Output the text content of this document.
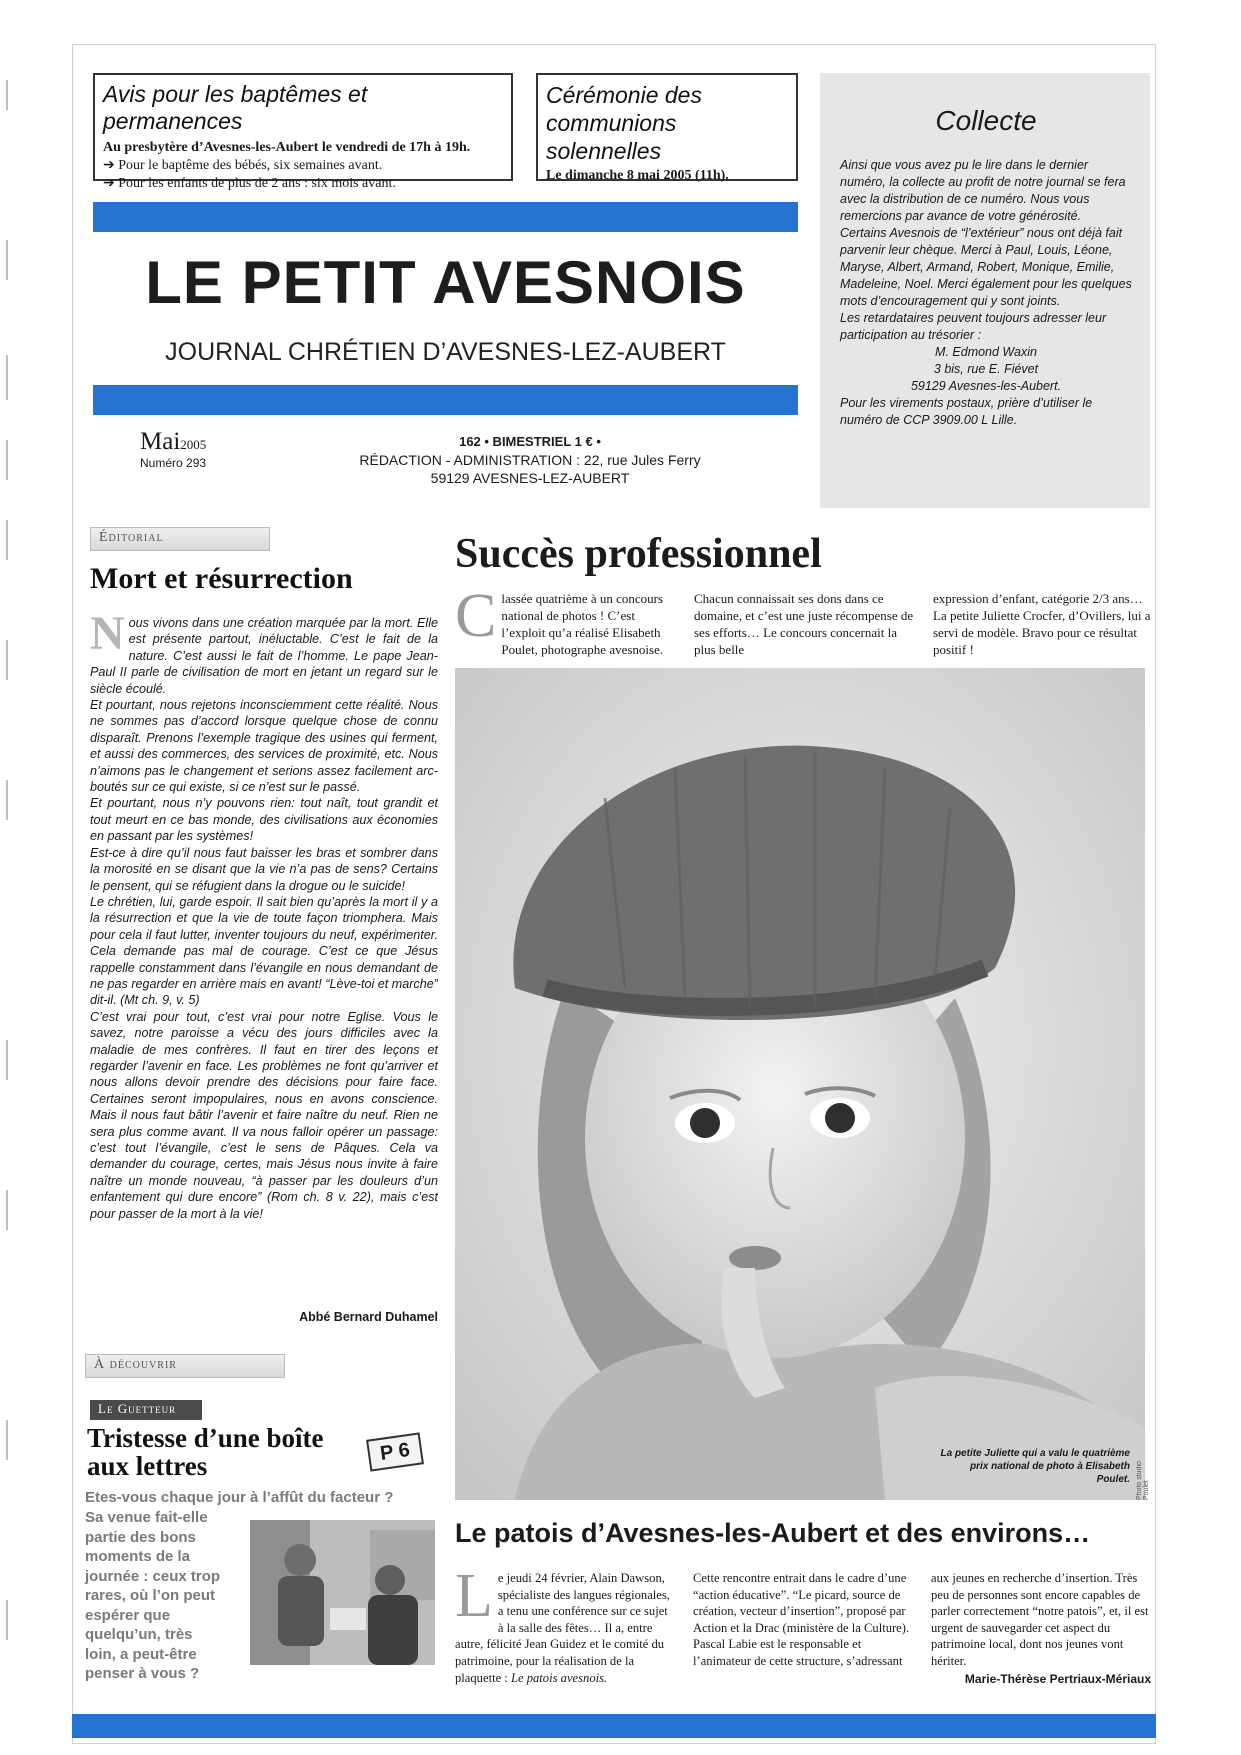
Avis pour les baptêmes et permanences
Au presbytère d’Avesnes-les-Aubert le vendredi de 17h à 19h.
➔ Pour le baptême des bébés, six semaines avant.
➔ Pour les enfants de plus de 2 ans : six mois avant.
Cérémonie des
communions solennelles
Le dimanche 8 mai 2005 (11h).
LE PETIT AVESNOIS
JOURNAL CHRÉTIEN D’AVESNES-LEZ-AUBERT
Mai2005
Numéro 293
162 • BIMESTRIEL 1 € •
RÉDACTION - ADMINISTRATION : 22, rue Jules Ferry
59129 AVESNES-LEZ-AUBERT
Collecte
Ainsi que vous avez pu le lire dans le dernier numéro, la collecte au profit de notre journal se fera avec la distribution de ce numéro. Nous vous remercions par avance de votre générosité.
Certains Avesnois de “l’extérieur” nous ont déjà fait parvenir leur chèque. Merci à Paul, Louis, Léone, Maryse, Albert, Armand, Robert, Monique, Emilie, Madeleine, Noel. Merci également pour les quelques mots d’encouragement qui y sont joints.
Les retardataires peuvent toujours adresser leur participation au trésorier :
M. Edmond Waxin
3 bis, rue E. Fiévet
59129 Avesnes-les-Aubert.
Pour les virements postaux, prière d’utiliser le numéro de CCP 3909.00 L Lille.
Éditorial
Mort et résurrection
N ous vivons dans une création marquée par la mort. Elle est présente partout, inéluctable. C’est le fait de la nature. C’est aussi le fait de l’homme. Le pape Jean-Paul II parle de civilisation de mort en jetant un regard sur le siècle écoulé.

Et pourtant, nous rejetons inconsciemment cette réalité. Nous ne sommes pas d’accord lorsque quelque chose de connu disparaît. Prenons l’exemple tragique des usines qui ferment, et aussi des commerces, des services de proximité, etc. Nous n’aimons pas le changement et serions assez facilement arc-boutés sur ce qui existe, si ce n’est sur le passé.

Et pourtant, nous n’y pouvons rien: tout naît, tout grandit et tout meurt en ce bas monde, des civilisations aux économies en passant par les systèmes!

Est-ce à dire qu’il nous faut baisser les bras et sombrer dans la morosité en se disant que la vie n’a pas de sens? Certains le pensent, qui se réfugient dans la drogue ou le suicide!

Le chrétien, lui, garde espoir. Il sait bien qu’après la mort il y a la résurrection et que la vie de toute façon triomphera. Mais pour cela il faut lutter, inventer toujours du neuf, expérimenter. Cela demande pas mal de courage. C’est ce que Jésus rappelle constamment dans l’évangile en nous demandant de ne pas regarder en arrière mais en avant! “Lève-toi et marche” dit-il. (Mt ch. 9, v. 5)

C’est vrai pour tout, c’est vrai pour notre Eglise. Vous le savez, notre paroisse a vécu des jours difficiles avec la maladie de mes confrères. Il faut en tirer des leçons et regarder l’avenir en face. Les problèmes ne font qu’arriver et nous allons devoir prendre des décisions pour faire face. Certaines seront impopulaires, nous en avons conscience. Mais il nous faut bâtir l’avenir et faire naître du neuf. Rien ne sera plus comme avant. Il va nous falloir opérer un passage: c’est tout l’évangile, c’est le sens de Pâques. Cela va demander du courage, certes, mais Jésus nous invite à faire naître un monde nouveau, “à passer par les douleurs d’un enfantement qui dure encore” (Rom ch. 8 v. 22), mais c’est pour passer de la mort à la vie!

Abbé Bernard Duhamel
À découvrir
Le Guetteur
Tristesse d’une boîte
aux lettres	P 6
Etes-vous chaque jour à l’affût du facteur ?
Sa venue fait-elle
partie des bons
moments de la
journée : ceux trop
rares, où l’on peut
espérer que
quelqu’un, très
loin, a peut-être
penser à vous ?
Succès professionnel
Classée quatrième à un concours national de photos ! C’est l’exploit qu’a réalisé Elisabeth Poulet, photographe avesnoise.
Chacun connaissait ses dons dans ce domaine, et c’est une juste récompense de ses efforts… Le concours concernait la plus belle
expression d’enfant, catégorie 2/3 ans… La petite Juliette Crocfer, d’Ovillers, lui a servi de modèle. Bravo pour ce résultat positif !
La petite Juliette qui a valu le quatrième prix national de photo à Elisabeth Poulet. Photo studio Poulet
Le patois d’Avesnes-les-Aubert et des environs…
Le jeudi 24 février, Alain Dawson, spécialiste des langues régionales, a tenu une conférence sur ce sujet à la salle des fêtes… Il a, entre autre, félicité Jean Guidez et le comité du patrimoine, pour la réalisation de la plaquette : Le patois avesnois.
Cette rencontre entrait dans le cadre d’une “action éducative”. “Le picard, source de création, vecteur d’insertion”, proposé par Action et la Drac (ministère de la Culture). Pascal Labie est le responsable et l’animateur de cette structure, s’adressant
aux jeunes en recherche d’insertion. Très peu de personnes sont encore capables de parler correctement “notre patois”, et, il est urgent de sauvegarder cet aspect du patrimoine local, dont nos jeunes vont hériter.
Marie-Thérèse Pertriaux-Mériaux
